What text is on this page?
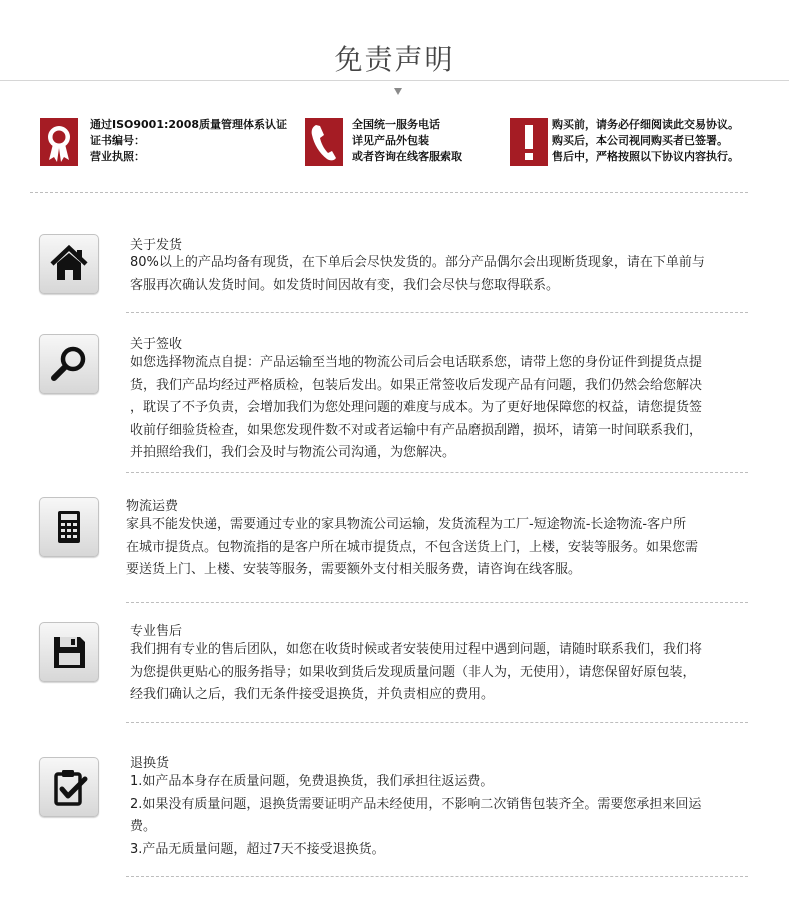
免责声明
通过ISO9001:2008质量管理体系认证
证书编号：
营业执照：
全国统一服务电话
详见产品外包装
或者咨询在线客服索取
购买前，请务必仔细阅读此交易协议。
购买后，本公司视同购买者已签署。
售后中，严格按照以下协议内容执行。
关于发货
80%以上的产品均备有现货，在下单后会尽快发货的。部分产品偶尔会出现断货现象，请在下单前与
客服再次确认发货时间。如发货时间因故有变，我们会尽快与您取得联系。
关于签收
如您选择物流点自提：产品运输至当地的物流公司后会电话联系您，请带上您的身份证件到提货点提
货，我们产品均经过严格质检，包装后发出。如果正常签收后发现产品有问题，我们仍然会给您解决
，耽误了不予负责，会增加我们为您处理问题的难度与成本。为了更好地保障您的权益，请您提货签
收前仔细验货检查，如果您发现件数不对或者运输中有产品磨损刮蹭，损坏，请第一时间联系我们，
并拍照给我们，我们会及时与物流公司沟通，为您解决。
物流运费
家具不能发快递，需要通过专业的家具物流公司运输，发货流程为工厂-短途物流-长途物流-客户所
在城市提货点。包物流指的是客户所在城市提货点，不包含送货上门，上楼，安装等服务。如果您需
要送货上门、上楼、安装等服务，需要额外支付相关服务费，请咨询在线客服。
专业售后
我们拥有专业的售后团队，如您在收货时候或者安装使用过程中遇到问题，请随时联系我们，我们将
为您提供更贴心的服务指导；如果收到货后发现质量问题（非人为，无使用），请您保留好原包装，
经我们确认之后，我们无条件接受退换货，并负责相应的费用。
退换货
1.如产品本身存在质量问题，免费退换货，我们承担往返运费。
2.如果没有质量问题，退换货需要证明产品未经使用，不影响二次销售包装齐全。需要您承担来回运
费。
3.产品无质量问题，超过7天不接受退换货。
